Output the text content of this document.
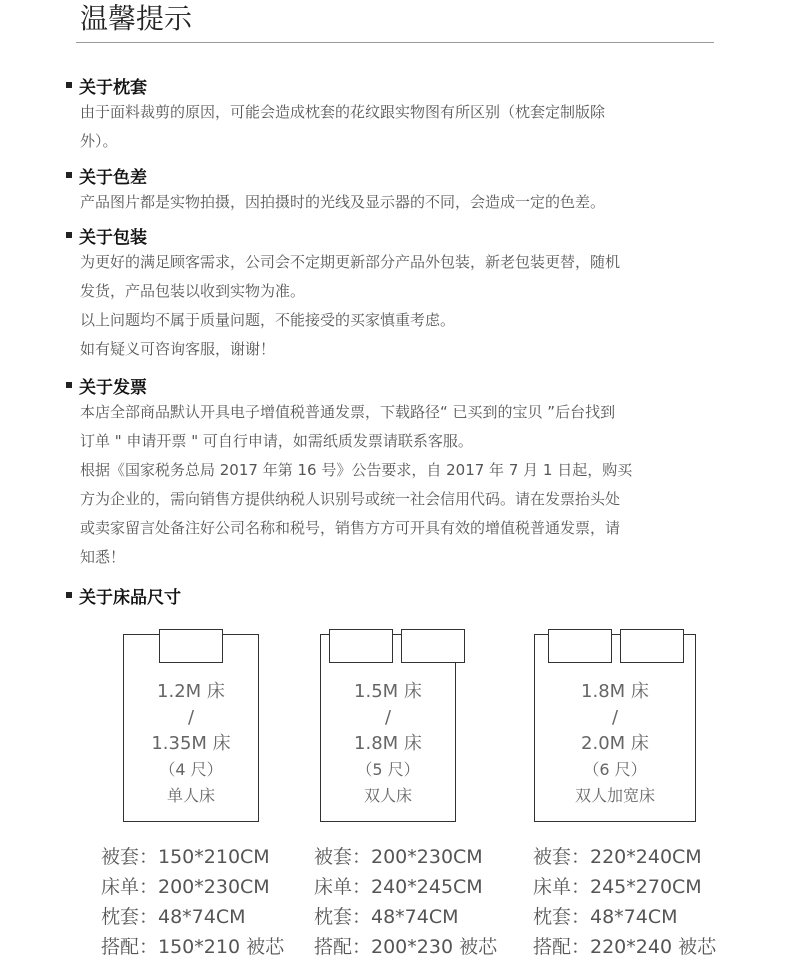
温馨提示
关于枕套
由于面料裁剪的原因，可能会造成枕套的花纹跟实物图有所区别（枕套定制版除
外）。
关于色差
产品图片都是实物拍摄，因拍摄时的光线及显示器的不同，会造成一定的色差。
关于包装
为更好的满足顾客需求，公司会不定期更新部分产品外包装，新老包装更替，随机
发货，产品包装以收到实物为准。
以上问题均不属于质量问题，不能接受的买家慎重考虑。
如有疑义可咨询客服，谢谢！
关于发票
本店全部商品默认开具电子增值税普通发票，下载路径“ 已买到的宝贝 ”后台找到
订单 " 申请开票 " 可自行申请，如需纸质发票请联系客服。
根据《国家税务总局 2017 年第 16 号》公告要求，自 2017 年 7 月 1 日起，购买
方为企业的，需向销售方提供纳税人识别号或统一社会信用代码。请在发票抬头处
或卖家留言处备注好公司名称和税号，销售方方可开具有效的增值税普通发票，请
知悉！
关于床品尺寸
1.2M 床
/
1.35M 床
（4 尺）
单人床
1.5M 床
/
1.8M 床
（5 尺）
双人床
1.8M 床
/
2.0M 床
（6 尺）
双人加宽床
被套：150*210CM
床单：200*230CM
枕套：48*74CM
搭配：150*210 被芯
被套：200*230CM
床单：240*245CM
枕套：48*74CM
搭配：200*230 被芯
被套：220*240CM
床单：245*270CM
枕套：48*74CM
搭配：220*240 被芯
